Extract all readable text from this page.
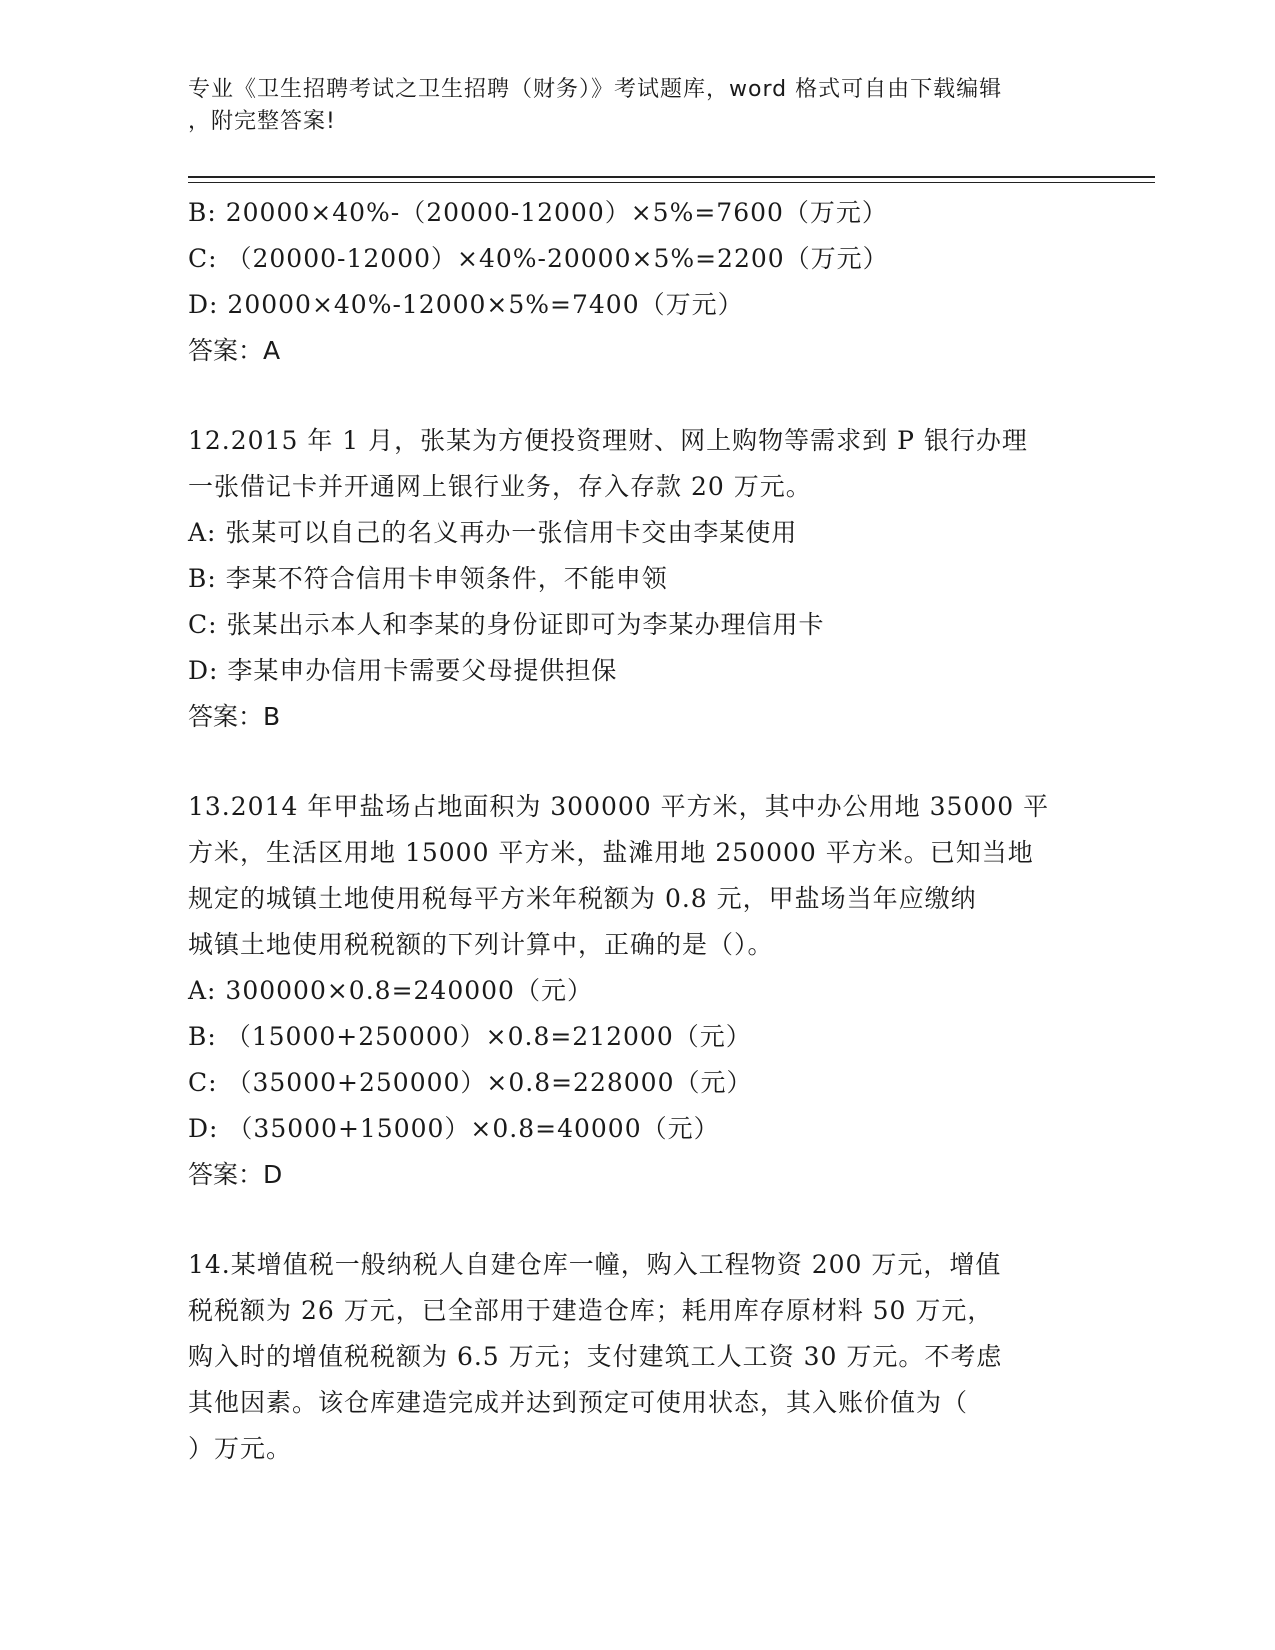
专业《卫生招聘考试之卫生招聘（财务）》考试题库，word 格式可自由下载编辑
，附完整答案!
B: 20000×40%-（20000-12000）×5%=7600（万元）
C: （20000-12000）×40%-20000×5%=2200（万元）
D: 20000×40%-12000×5%=7400（万元）
答案：A
12.2015 年 1 月，张某为方便投资理财、网上购物等需求到 P 银行办理
一张借记卡并开通网上银行业务，存入存款 20 万元。
A: 张某可以自己的名义再办一张信用卡交由李某使用
B: 李某不符合信用卡申领条件，不能申领
C: 张某出示本人和李某的身份证即可为李某办理信用卡
D: 李某申办信用卡需要父母提供担保
答案：B
13.2014 年甲盐场占地面积为 300000 平方米，其中办公用地 35000 平
方米，生活区用地 15000 平方米，盐滩用地 250000 平方米。已知当地
规定的城镇土地使用税每平方米年税额为 0.8 元，甲盐场当年应缴纳
城镇土地使用税税额的下列计算中，正确的是（）。
A: 300000×0.8=240000（元）
B: （15000+250000）×0.8=212000（元）
C: （35000+250000）×0.8=228000（元）
D: （35000+15000）×0.8=40000（元）
答案：D
14.某增值税一般纳税人自建仓库一幢，购入工程物资 200 万元，增值
税税额为 26 万元，已全部用于建造仓库；耗用库存原材料 50 万元，
购入时的增值税税额为 6.5 万元；支付建筑工人工资 30 万元。不考虑
其他因素。该仓库建造完成并达到预定可使用状态，其入账价值为（
）万元。
